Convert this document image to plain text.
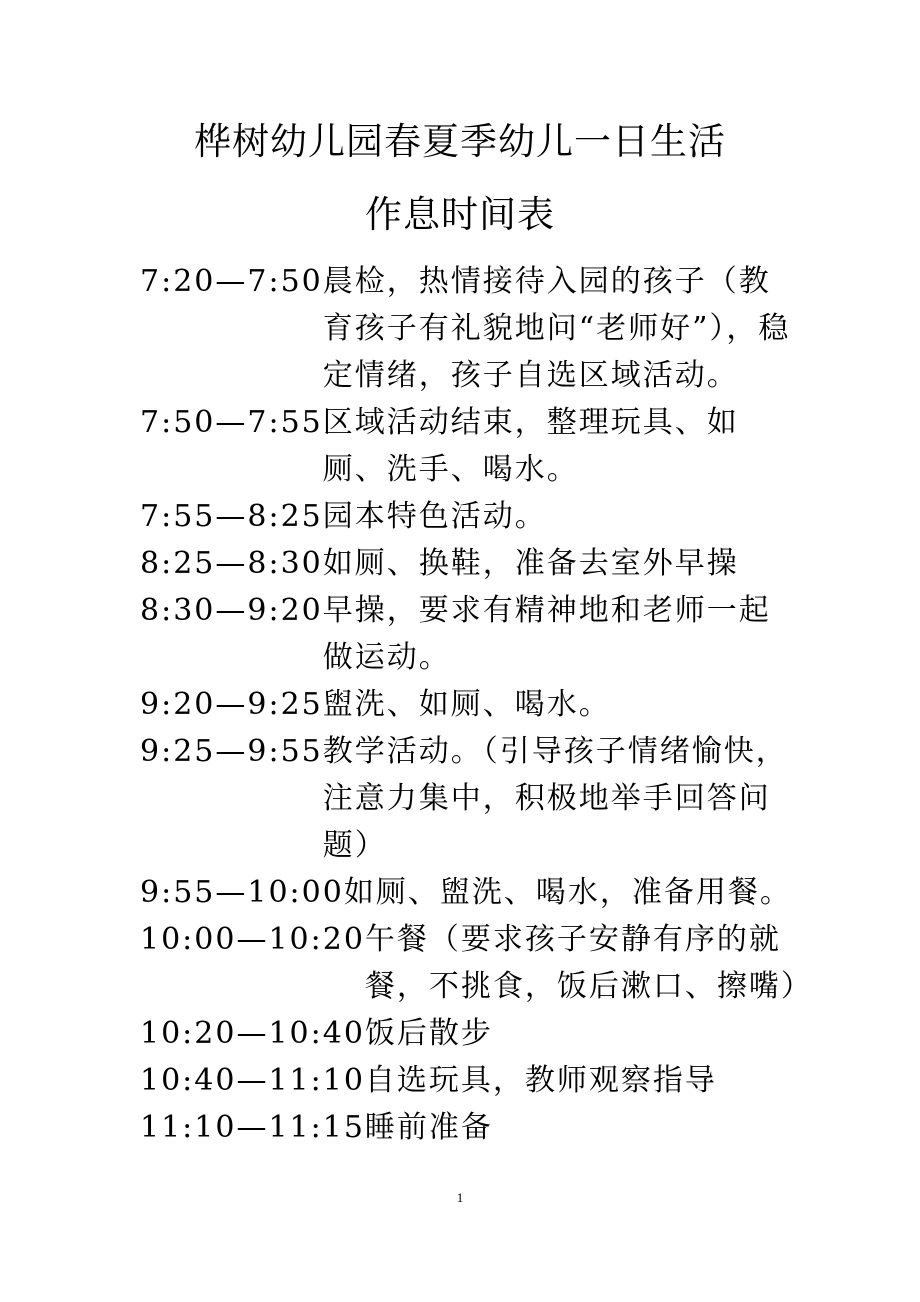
桦树幼儿园春夏季幼儿一日生活
作息时间表
7:20—7:50 晨检，热情接待入园的孩子（教育孩子有礼貌地问“老师好”），稳定情绪，孩子自选区域活动。
7:50—7:55 区域活动结束，整理玩具、如厕、洗手、喝水。
7:55—8:25 园本特色活动。
8:25—8:30 如厕、换鞋，准备去室外早操
8:30—9:20 早操，要求有精神地和老师一起做运动。
9:20—9:25 盥洗、如厕、喝水。
9:25—9:55 教学活动。（引导孩子情绪愉快，注意力集中，积极地举手回答问题）
9:55—10:00 如厕、盥洗、喝水，准备用餐。
10:00—10:20 午餐（要求孩子安静有序的就餐，不挑食，饭后漱口、擦嘴）
10:20—10:40 饭后散步
10:40—11:10 自选玩具，教师观察指导
11:10—11:15 睡前准备
1
